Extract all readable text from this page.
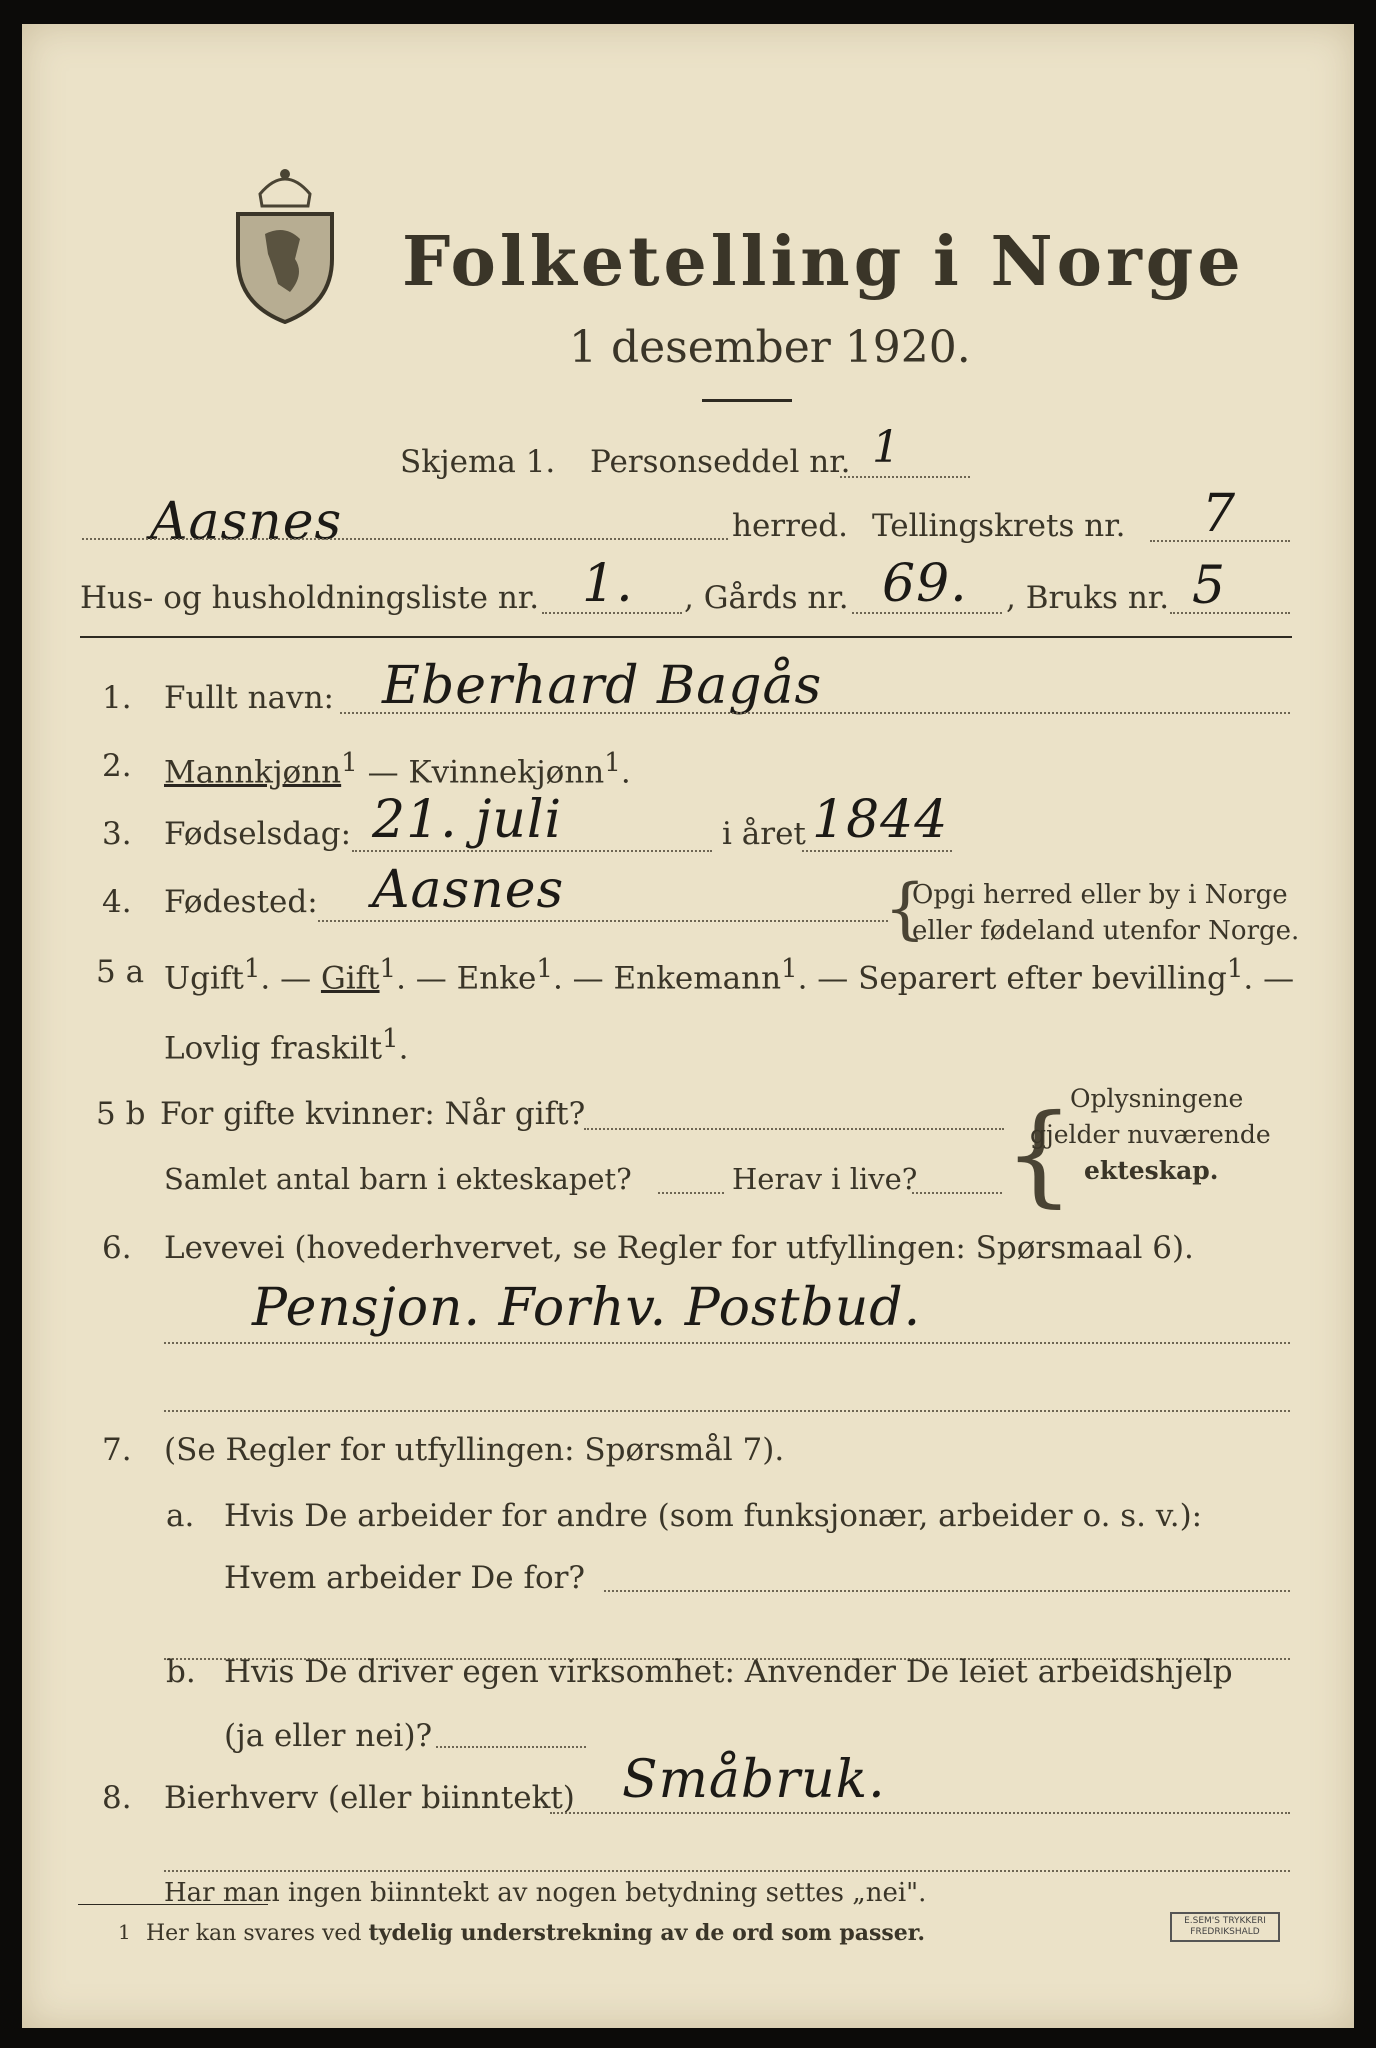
Folketelling i Norge
1 desember 1920.
Skjema 1. Personseddel nr. 1
Aasnes	herred. Tellingskrets nr. 7
Hus- og husholdningsliste nr. 1. , Gårds nr. 69. , Bruks nr. 5
1. Fullt navn: Eberhard Bagås
2. Mannkjønn$^1$ — Kvinnekjønn$^1$.
3. Fødselsdag: 21. juli	i året 1844
4. Fødested: Aasnes	{
Opgi herred eller by i Norge
eller fødeland utenfor Norge.
5 a Ugift$^1$. — Gift$^1$. — Enke$^1$. — Enkemann$^1$. — Separert efter bevilling$^1$. —
Lovlig fraskilt$^1$.
5 b For gifte kvinner: Når gift?
Samlet antal barn i ekteskapet?	Herav i live? {
Oplysningene
gjelder nuværende
ekteskap.
6. Levevei (hovederhvervet, se Regler for utfyllingen: Spørsmaal 6).
Pensjon. Forhv. Postbud.
7. (Se Regler for utfyllingen: Spørsmål 7).
a. Hvis De arbeider for andre (som funksjonær, arbeider o. s. v.):
Hvem arbeider De for?
b. Hvis De driver egen virksomhet: Anvender De leiet arbeidshjelp
(ja eller nei)?
8. Bierhverv (eller biinntekt) Småbruk.
Har man ingen biinntekt av nogen betydning settes „nei".
1 Her kan svares ved tydelig understrekning av de ord som passer.	E.SEM'S TRYKKERI
FREDRIKSHALD
